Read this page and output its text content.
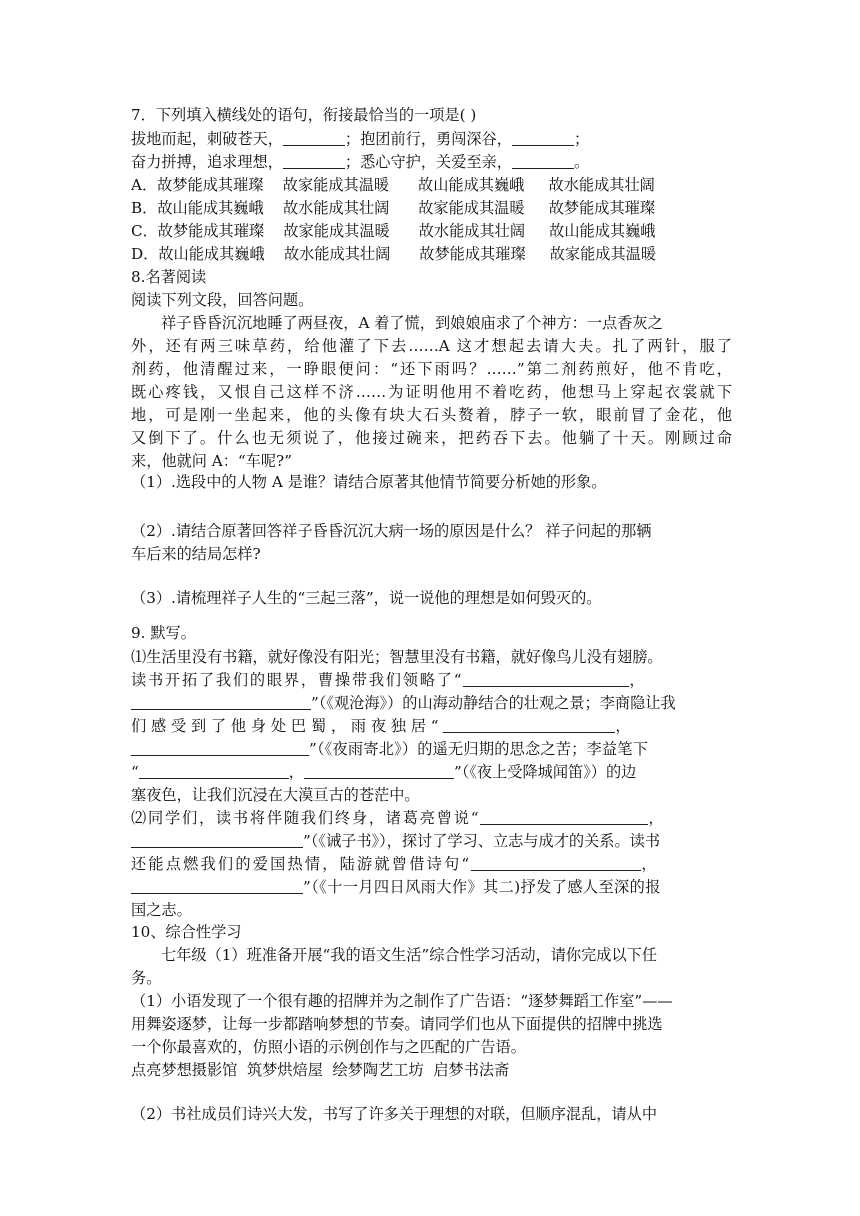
7．下列填入横线处的语句，衔接最恰当的一项是( )
拔地而起，刺破苍天，	；抱团前行，勇闯深谷，	；
奋力拼搏，追求理想，	；悉心守护，关爱至亲，	。
A．故梦能成其璀璨    故家能成其温暖      故山能成其巍峨     故水能成其壮阔
B．故山能成其巍峨    故水能成其壮阔      故家能成其温暖     故梦能成其璀璨
C．故梦能成其璀璨    故家能成其温暖      故水能成其壮阔     故山能成其巍峨
D．故山能成其巍峨    故水能成其壮阔      故梦能成其璀璨     故家能成其温暖
8.名著阅读
阅读下列文段，回答问题。
祥子昏昏沉沉地睡了两昼夜，A 着了慌，到娘娘庙求了个神方：一点香灰之
外，还有两三味草药，给他灌了下去……A 这才想起去请大夫。扎了两针，服了
剂药，他清醒过来，一睁眼便问：“还下雨吗？……”第二剂药煎好，他不肯吃，
既心疼钱，又恨自己这样不济……为证明他用不着吃药，他想马上穿起衣裳就下
地，可是刚一坐起来，他的头像有块大石头赘着，脖子一软，眼前冒了金花，他
又倒下了。什么也无须说了，他接过碗来，把药吞下去。他躺了十天。刚顾过命
来，他就问 A：“车呢?”
（1）.选段中的人物 A 是谁？请结合原著其他情节简要分析她的形象。
（2）.请结合原著回答祥子昏昏沉沉大病一场的原因是什么？ 祥子问起的那辆
车后来的结局怎样?
（3）.请梳理祥子人生的“三起三落”，说一说他的理想是如何毁灭的。
9. 默写。
⑴生活里没有书籍，就好像没有阳光；智慧里没有书籍，就好像鸟儿没有翅膀。
读书开拓了我们的眼界，曹操带我们领略了“	，
”（《观沧海》）的山海动静结合的壮观之景；李商隐让我
们感受到了他身处巴蜀，雨夜独居“	，
”（《夜雨寄北》）的遥无归期的思念之苦；李益笔下
“	，	”（《夜上受降城闻笛》）的边
塞夜色，让我们沉浸在大漠亘古的苍茫中。
⑵同学们，读书将伴随我们终身，诸葛亮曾说“	，
”（《诫子书》），探讨了学习、立志与成才的关系。读书
还能点燃我们的爱国热情，陆游就曾借诗句“	，
”（《十一月四日风雨大作》其二)抒发了感人至深的报
国之志。
10、综合性学习
七年级（1）班准备开展“我的语文生活”综合性学习活动，请你完成以下任
务。
（1）小语发现了一个很有趣的招牌并为之制作了广告语：“逐梦舞蹈工作室”——
用舞姿逐梦，让每一步都踏响梦想的节奏。请同学们也从下面提供的招牌中挑选
一个你最喜欢的，仿照小语的示例创作与之匹配的广告语。
点亮梦想摄影馆  筑梦烘焙屋  绘梦陶艺工坊  启梦书法斋
（2）书社成员们诗兴大发，书写了许多关于理想的对联，但顺序混乱，请从中
